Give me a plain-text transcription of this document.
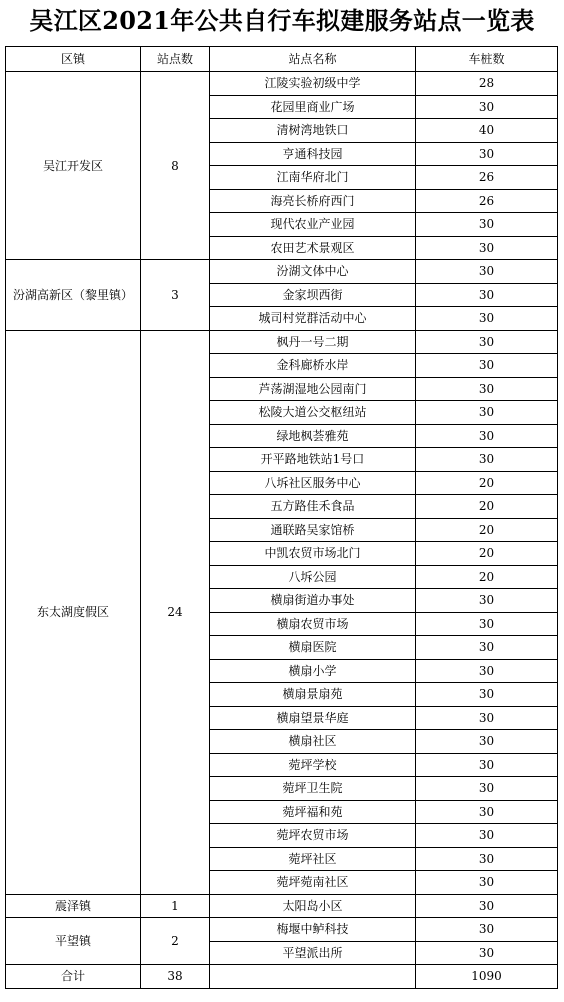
吴江区2021年公共自行车拟建服务站点一览表
区镇	站点数	站点名称	车桩数
吴江开发区	8	江陵实验初级中学	28
		花园里商业广场	30
		清树湾地铁口	40
		亨通科技园	30
		江南华府北门	26
		海亮长桥府西门	26
		现代农业产业园	30
		农田艺术景观区	30
汾湖高新区（黎里镇）	3	汾湖文体中心	30
		金家坝西街	30
		城司村党群活动中心	30
东太湖度假区	24	枫丹一号二期	30
		金科廊桥水岸	30
		芦荡湖湿地公园南门	30
		松陵大道公交枢纽站	30
		绿地枫荟雅苑	30
		开平路地铁站1号口	30
		八坼社区服务中心	20
		五方路佳禾食品	20
		通联路吴家馆桥	20
		中凯农贸市场北门	20
		八坼公园	20
		横扇街道办事处	30
		横扇农贸市场	30
		横扇医院	30
		横扇小学	30
		横扇景扇苑	30
		横扇望景华庭	30
		横扇社区	30
		菀坪学校	30
		菀坪卫生院	30
		菀坪福和苑	30
		菀坪农贸市场	30
		菀坪社区	30
		菀坪菀南社区	30
震泽镇	1	太阳岛小区	30
平望镇	2	梅堰中鲈科技	30
		平望派出所	30
合计	38		1090
